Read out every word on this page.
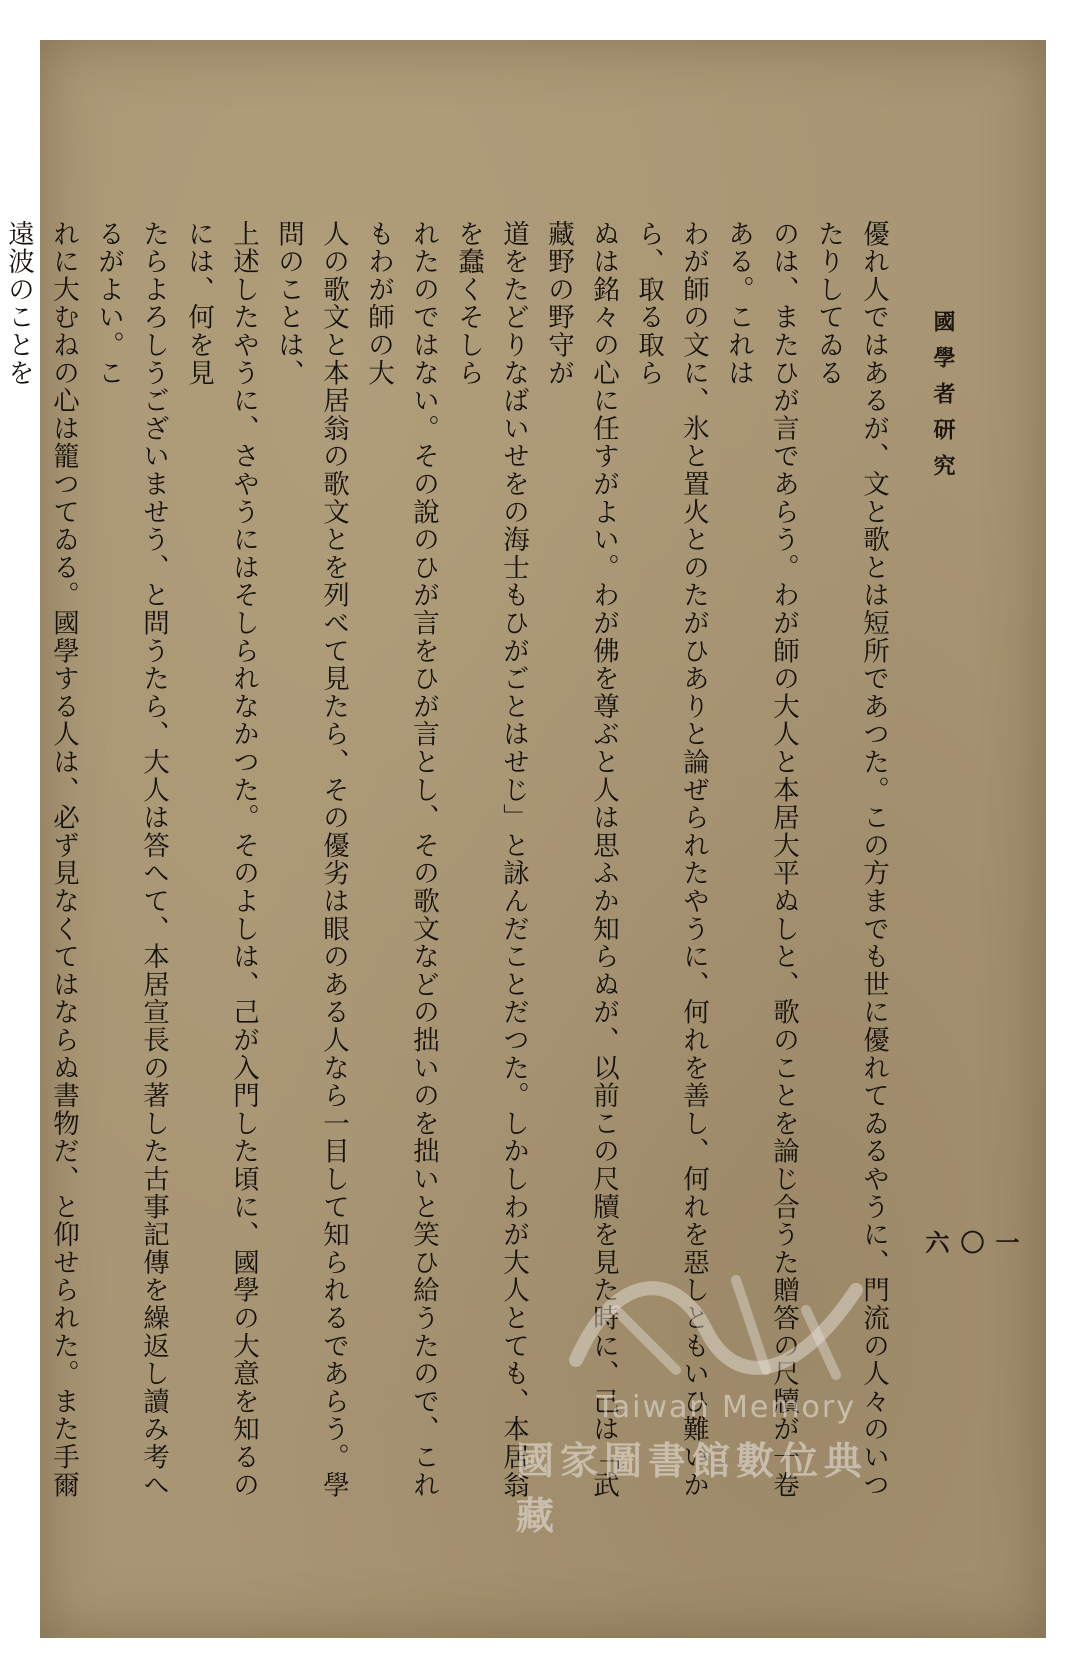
國學者研究
一〇六

優れ人ではあるが、文と歌とは短所であつた。この方までも世に優れてゐるやうに、門流の人々のいつたりしてゐる

のは、またひが言であらう。わが師の大人と本居大平ぬしと、歌のことを論じ合うた贈答の尺牘が一卷ある。これは

わが師の文に、氷と置火とのたがひありと論ぜられたやうに、何れを善し、何れを惡しともいひ難いから、取る取ら

ぬは銘々の心に任すがよい。わが佛を尊ぶと人は思ふか知らぬが、以前この尺牘を見た時に、己は「武藏野の野守が

道をたどりなばいせをの海士もひがごとはせじ」と詠んだことだつた。しかしわが大人とても、本居翁を蠢くそしら

れたのではない。その說のひが言をひが言とし、その歌文などの拙いのを拙いと笑ひ給うたので、これもわが師の大

人の歌文と本居翁の歌文とを列べて見たら、その優劣は眼のある人なら一目して知られるであらう。學問のことは、

上述したやうに、さやうにはそしられなかつた。そのよしは、己が入門した頃に、國學の大意を知るのには、何を見

たらよろしうございませう、と問うたら、大人は答へて、本居宣長の著した古事記傳を繰返し讀み考へるがよい。こ

れに大むねの心は籠つてゐる。國學する人は、必ず見なくてはならぬ書物だ、と仰せられた。また手爾遠波のことを

Taiwan Memory
國家圖書館數位典藏
